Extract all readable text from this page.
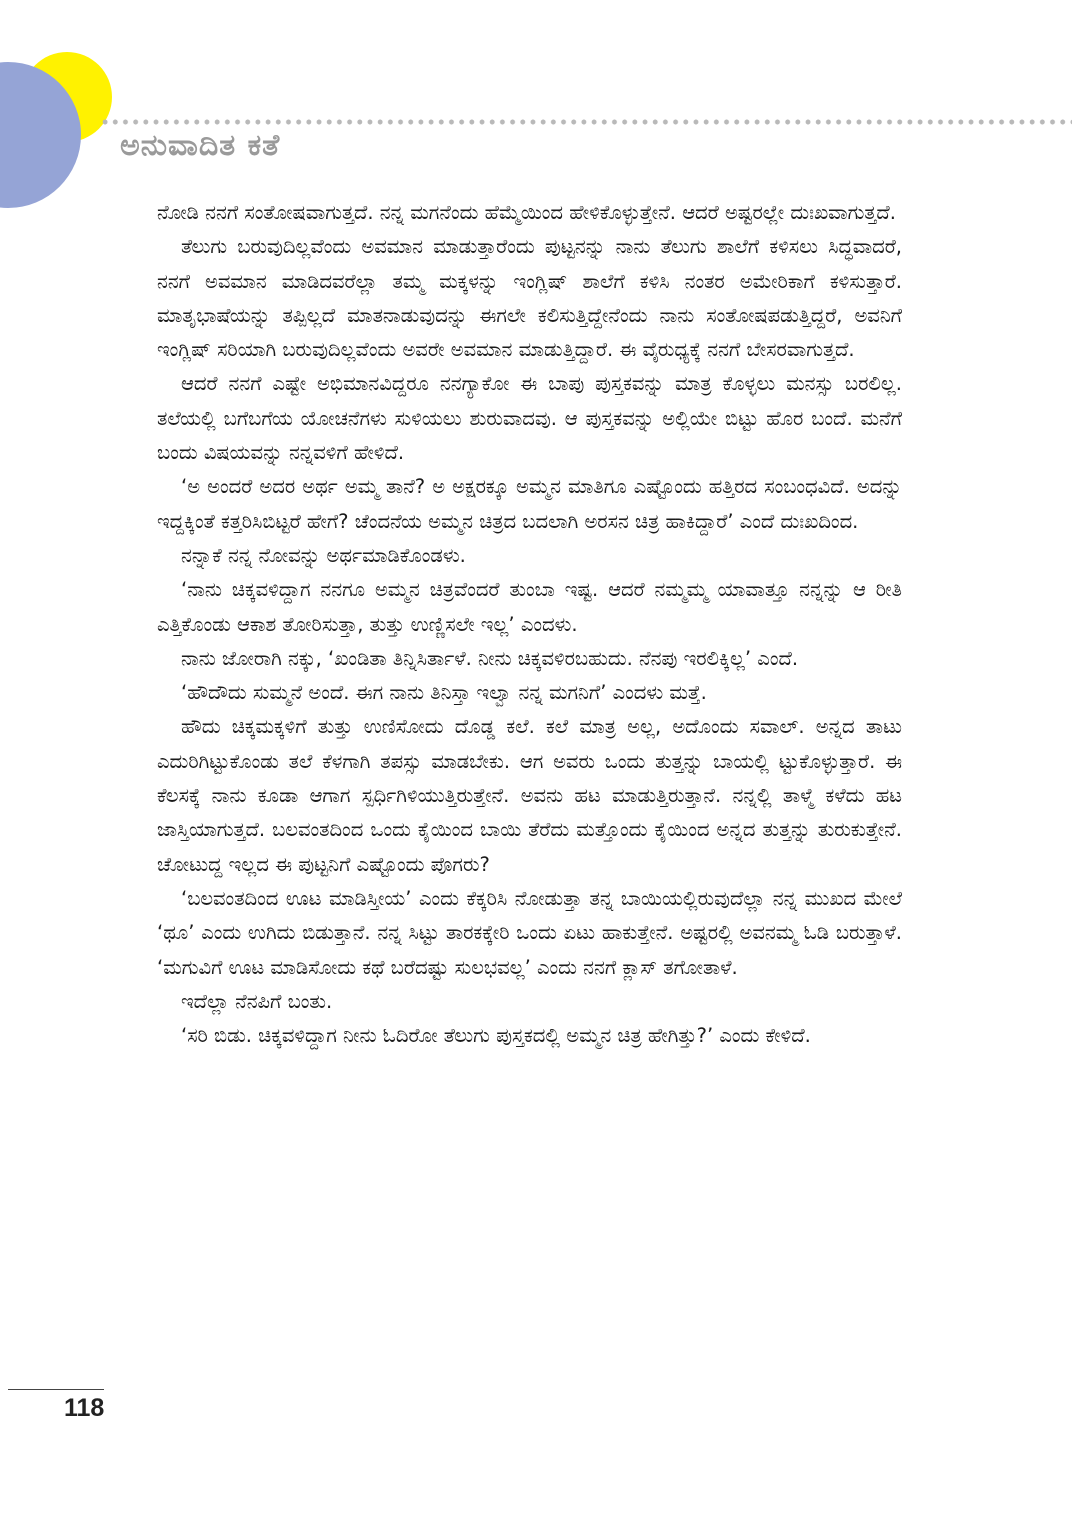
ಅನುವಾದಿತ ಕತೆ

ನೋಡಿ ನನಗೆ ಸಂತೋಷವಾಗುತ್ತದೆ. ನನ್ನ ಮಗನೆಂದು ಹೆಮ್ಮೆಯಿಂದ ಹೇಳಿಕೊಳ್ಳುತ್ತೇನೆ. ಆದರೆ ಅಷ್ಟರಲ್ಲೇ ದುಃಖವಾಗುತ್ತದೆ.

ತೆಲುಗು ಬರುವುದಿಲ್ಲವೆಂದು ಅವಮಾನ ಮಾಡುತ್ತಾರೆಂದು ಪುಟ್ಟನನ್ನು ನಾನು ತೆಲುಗು ಶಾಲೆಗೆ ಕಳಿಸಲು ಸಿದ್ಧವಾದರೆ, ನನಗೆ ಅವಮಾನ ಮಾಡಿದವರೆಲ್ಲಾ ತಮ್ಮ ಮಕ್ಕಳನ್ನು ಇಂಗ್ಲಿಷ್ ಶಾಲೆಗೆ ಕಳಿಸಿ ನಂತರ ಅಮೇರಿಕಾಗೆ ಕಳಿಸುತ್ತಾರೆ. ಮಾತೃಭಾಷೆಯನ್ನು ತಪ್ಪಿಲ್ಲದೆ ಮಾತನಾಡುವುದನ್ನು ಈಗಲೇ ಕಲಿಸುತ್ತಿದ್ದೇನೆಂದು ನಾನು ಸಂತೋಷಪಡುತ್ತಿದ್ದರೆ, ಅವನಿಗೆ ಇಂಗ್ಲಿಷ್ ಸರಿಯಾಗಿ ಬರುವುದಿಲ್ಲವೆಂದು ಅವರೇ ಅವಮಾನ ಮಾಡುತ್ತಿದ್ದಾರೆ. ಈ ವೈರುಧ್ಯಕ್ಕೆ ನನಗೆ ಬೇಸರವಾಗುತ್ತದೆ.

ಆದರೆ ನನಗೆ ಎಷ್ಟೇ ಅಭಿಮಾನವಿದ್ದರೂ ನನಗ್ಯಾಕೋ ಈ ಬಾಪು ಪುಸ್ತಕವನ್ನು ಮಾತ್ರ ಕೊಳ್ಳಲು ಮನಸ್ಸು ಬರಲಿಲ್ಲ. ತಲೆಯಲ್ಲಿ ಬಗೆಬಗೆಯ ಯೋಚನೆಗಳು ಸುಳಿಯಲು ಶುರುವಾದವು. ಆ ಪುಸ್ತಕವನ್ನು ಅಲ್ಲಿಯೇ ಬಿಟ್ಟು ಹೊರ ಬಂದೆ. ಮನೆಗೆ ಬಂದು ವಿಷಯವನ್ನು ನನ್ನವಳಿಗೆ ಹೇಳಿದೆ.

‘ಅ ಅಂದರೆ ಅದರ ಅರ್ಥ ಅಮ್ಮ ತಾನೆ? ಅ ಅಕ್ಷರಕ್ಕೂ ಅಮ್ಮನ ಮಾತಿಗೂ ಎಷ್ಟೊಂದು ಹತ್ತಿರದ ಸಂಬಂಧವಿದೆ. ಅದನ್ನು ಇದ್ದಕ್ಕಿಂತೆ ಕತ್ತರಿಸಿಬಿಟ್ಟರೆ ಹೇಗೆ? ಚೆಂದನೆಯ ಅಮ್ಮನ ಚಿತ್ರದ ಬದಲಾಗಿ ಅರಸನ ಚಿತ್ರ ಹಾಕಿದ್ದಾರೆ’ ಎಂದೆ ದುಃಖದಿಂದ.

ನನ್ನಾಕೆ ನನ್ನ ನೋವನ್ನು ಅರ್ಥಮಾಡಿಕೊಂಡಳು.

‘ನಾನು ಚಿಕ್ಕವಳಿದ್ದಾಗ ನನಗೂ ಅಮ್ಮನ ಚಿತ್ರವೆಂದರೆ ತುಂಬಾ ಇಷ್ಟ. ಆದರೆ ನಮ್ಮಮ್ಮ ಯಾವಾತ್ತೂ ನನ್ನನ್ನು ಆ ರೀತಿ ಎತ್ತಿಕೊಂಡು ಆಕಾಶ ತೋರಿಸುತ್ತಾ, ತುತ್ತು ಉಣ್ಣಿಸಲೇ ಇಲ್ಲ’ ಎಂದಳು.

ನಾನು ಜೋರಾಗಿ ನಕ್ಕು, ‘ಖಂಡಿತಾ ತಿನ್ನಿಸಿರ್ತಾಳೆ. ನೀನು ಚಿಕ್ಕವಳಿರಬಹುದು. ನೆನಪು ಇರಲಿಕ್ಕಿಲ್ಲ’ ಎಂದೆ.

‘ಹೌದೌದು ಸುಮ್ಮನೆ ಅಂದೆ. ಈಗ ನಾನು ತಿನಿಸ್ತಾ ಇಲ್ವಾ ನನ್ನ ಮಗನಿಗೆ’ ಎಂದಳು ಮತ್ತೆ.

ಹೌದು ಚಿಕ್ಕಮಕ್ಕಳಿಗೆ ತುತ್ತು ಉಣಿಸೋದು ದೊಡ್ಡ ಕಲೆ. ಕಲೆ ಮಾತ್ರ ಅಲ್ಲ, ಅದೊಂದು ಸವಾಲ್. ಅನ್ನದ ತಾಟು ಎದುರಿಗಿಟ್ಟುಕೊಂಡು ತಲೆ ಕೆಳಗಾಗಿ ತಪಸ್ಸು ಮಾಡಬೇಕು. ಆಗ ಅವರು ಒಂದು ತುತ್ತನ್ನು ಬಾಯಲ್ಲಿ ಟ್ಟುಕೊಳ್ಳುತ್ತಾರೆ. ಈ ಕೆಲಸಕ್ಕೆ ನಾನು ಕೂಡಾ ಆಗಾಗ ಸ್ಪರ್ಧಿಗಿಳಿಯುತ್ತಿರುತ್ತೇನೆ. ಅವನು ಹಟ ಮಾಡುತ್ತಿರುತ್ತಾನೆ. ನನ್ನಲ್ಲಿ ತಾಳ್ಮೆ ಕಳೆದು ಹಟ ಜಾಸ್ತಿಯಾಗುತ್ತದೆ. ಬಲವಂತದಿಂದ ಒಂದು ಕೈಯಿಂದ ಬಾಯಿ ತೆರೆದು ಮತ್ತೊಂದು ಕೈಯಿಂದ ಅನ್ನದ ತುತ್ತನ್ನು ತುರುಕುತ್ತೇನೆ. ಚೋಟುದ್ದ ಇಲ್ಲದ ಈ ಪುಟ್ಟನಿಗೆ ಎಷ್ಟೊಂದು ಪೊಗರು?

‘ಬಲವಂತದಿಂದ ಊಟ ಮಾಡಿಸ್ತೀಯ’ ಎಂದು ಕೆಕ್ಕರಿಸಿ ನೋಡುತ್ತಾ ತನ್ನ ಬಾಯಿಯಲ್ಲಿರುವುದೆಲ್ಲಾ ನನ್ನ ಮುಖದ ಮೇಲೆ ‘ಥೂ’ ಎಂದು ಉಗಿದು ಬಿಡುತ್ತಾನೆ. ನನ್ನ ಸಿಟ್ಟು ತಾರಕಕ್ಕೇರಿ ಒಂದು ಏಟು ಹಾಕುತ್ತೇನೆ. ಅಷ್ಟರಲ್ಲಿ ಅವನಮ್ಮ ಓಡಿ ಬರುತ್ತಾಳೆ. ‘ಮಗುವಿಗೆ ಊಟ ಮಾಡಿಸೋದು ಕಥೆ ಬರೆದಷ್ಟು ಸುಲಭವಲ್ಲ’ ಎಂದು ನನಗೆ ಕ್ಲಾಸ್ ತಗೋತಾಳೆ.

ಇದೆಲ್ಲಾ ನೆನಪಿಗೆ ಬಂತು.

‘ಸರಿ ಬಿಡು. ಚಿಕ್ಕವಳಿದ್ದಾಗ ನೀನು ಓದಿರೋ ತೆಲುಗು ಪುಸ್ತಕದಲ್ಲಿ ಅಮ್ಮನ ಚಿತ್ರ ಹೇಗಿತ್ತು?’ ಎಂದು ಕೇಳಿದೆ.

118
